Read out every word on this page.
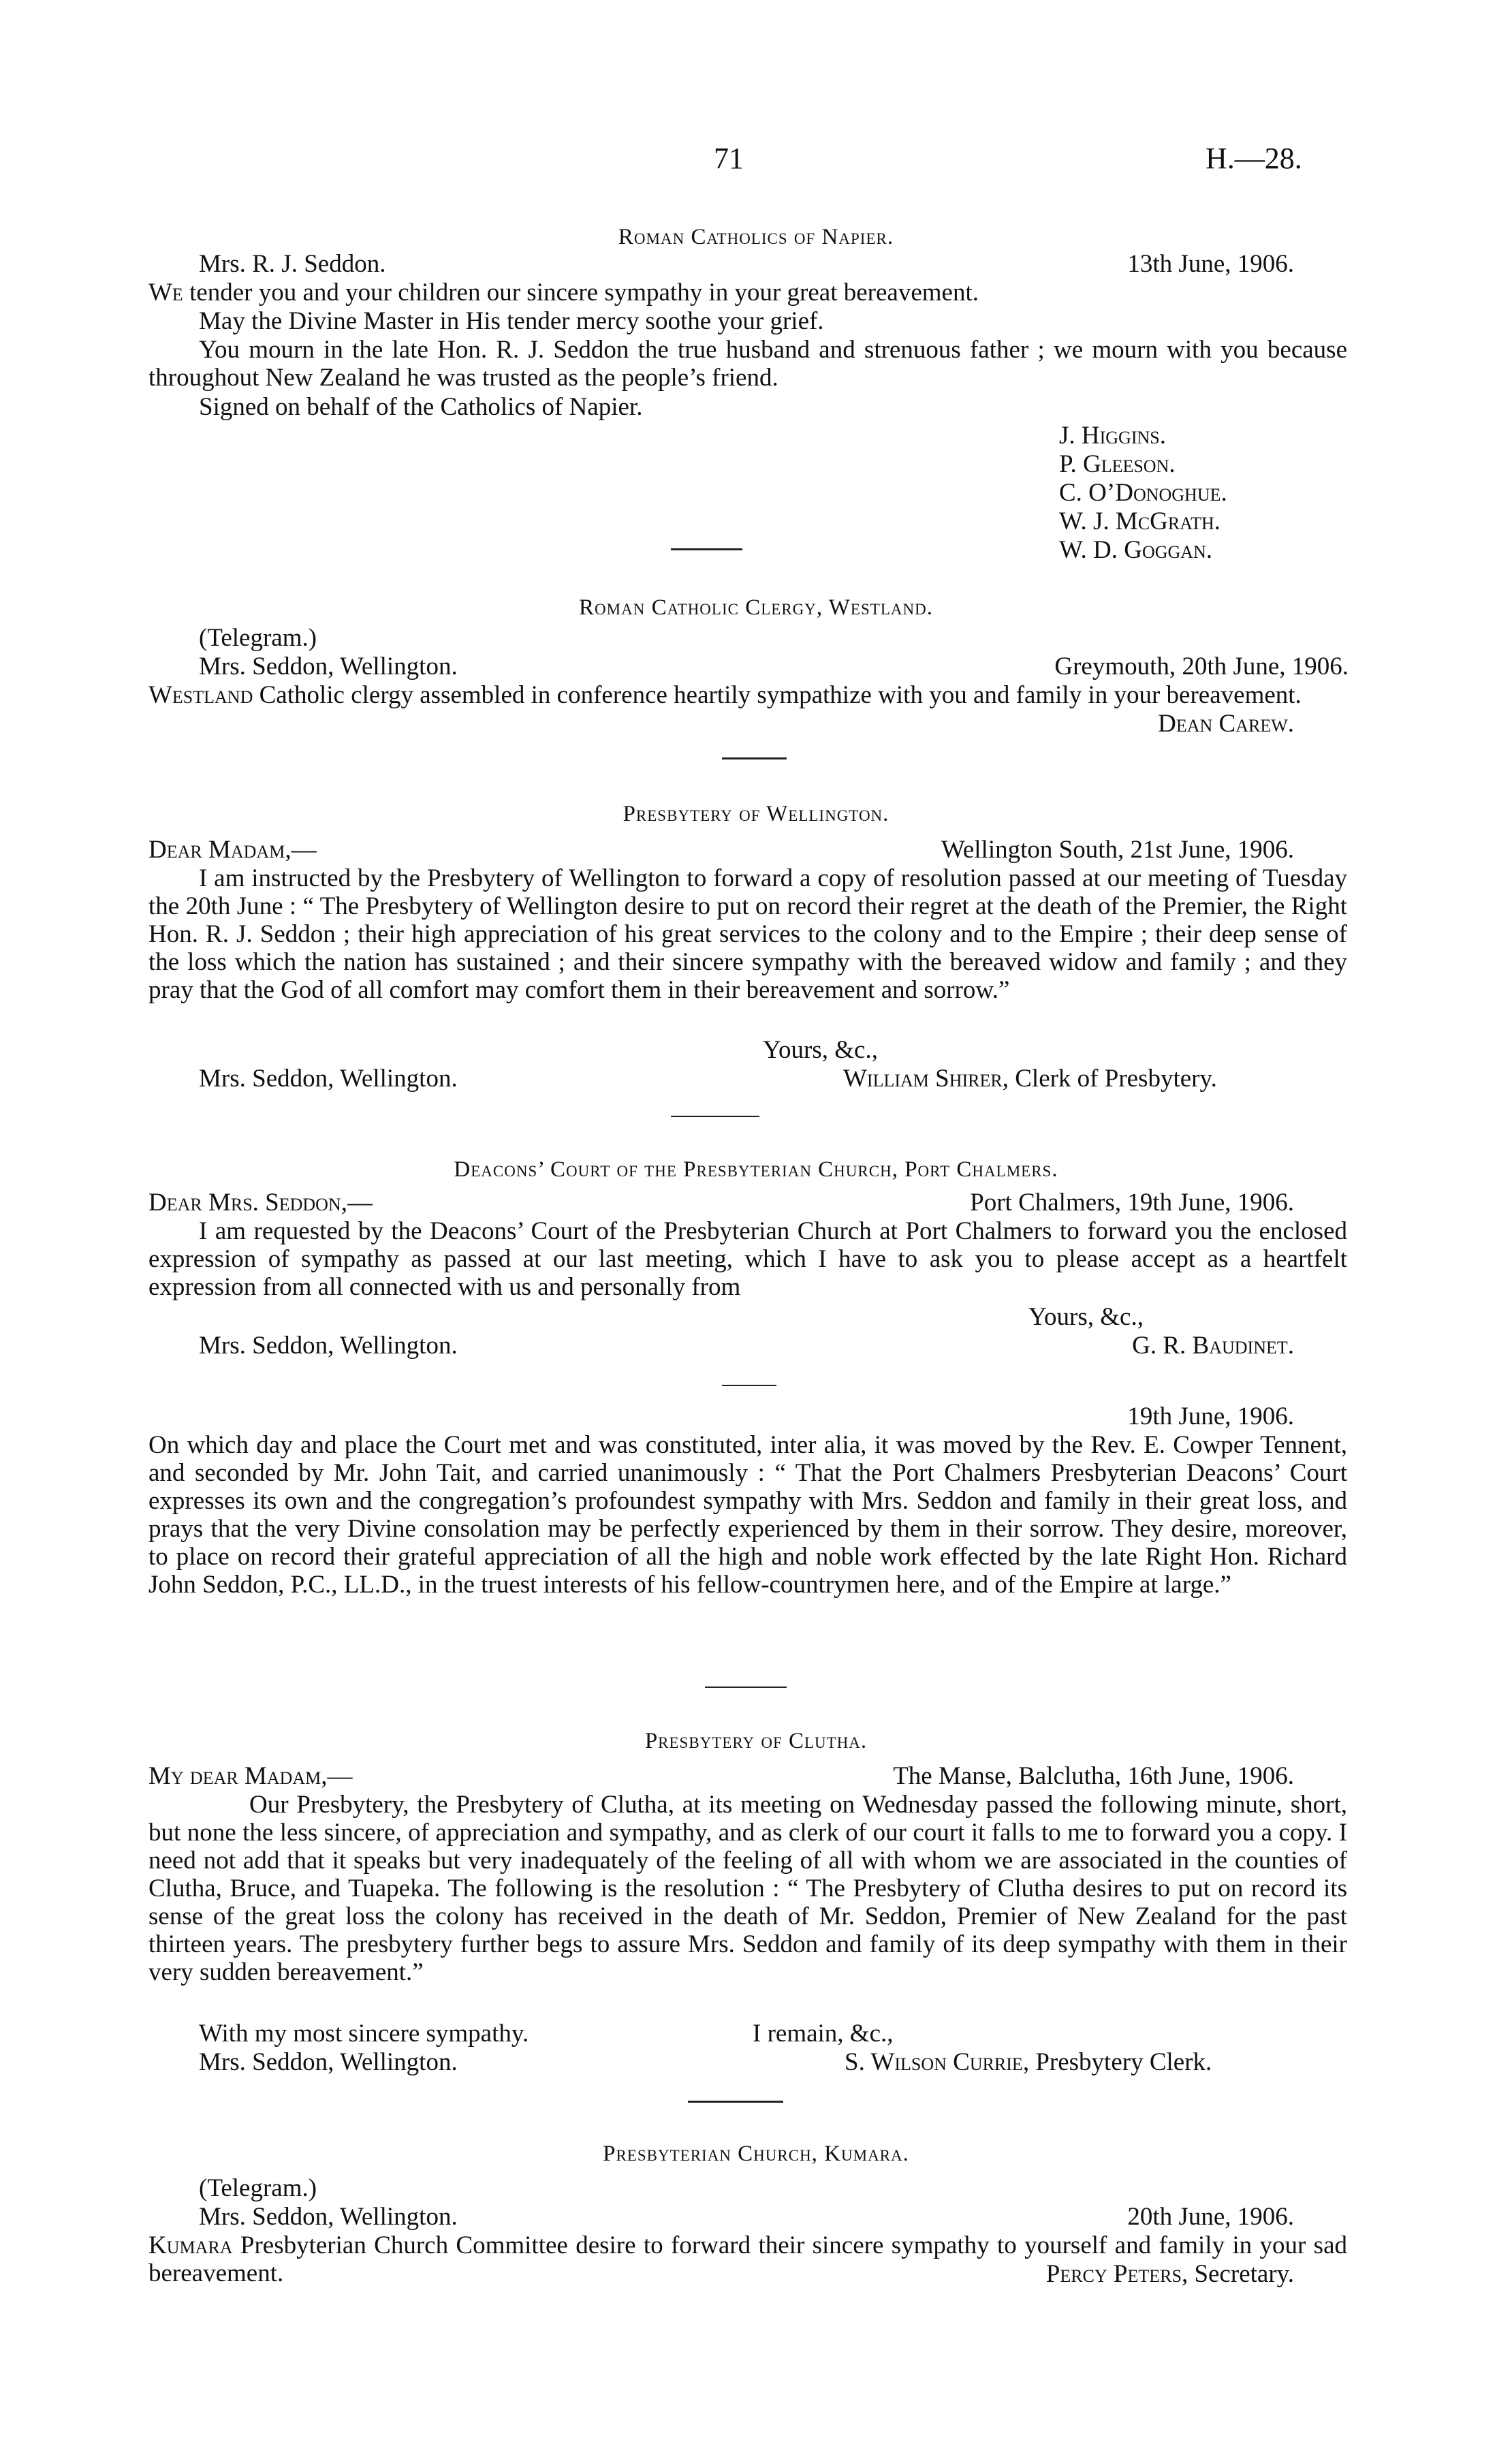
71	H.—28.
Roman Catholics of Napier.
Mrs. R. J. Seddon.	13th June, 1906.
We tender you and your children our sincere sympathy in your great bereavement.
May the Divine Master in His tender mercy soothe your grief.
You mourn in the late Hon. R. J. Seddon the true husband and strenuous father ; we mourn with you because throughout New Zealand he was trusted as the people’s friend.
Signed on behalf of the Catholics of Napier.
J. Higgins.
P. Gleeson.
C. O’Donoghue.
W. J. McGrath.
W. D. Goggan.
Roman Catholic Clergy, Westland.
(Telegram.)
Mrs. Seddon, Wellington.	Greymouth, 20th June, 1906.
Westland Catholic clergy assembled in conference heartily sympathize with you and family in your bereavement.
Dean Carew.
Presbytery of Wellington.
Dear Madam,—	Wellington South, 21st June, 1906.
I am instructed by the Presbytery of Wellington to forward a copy of resolution passed at our meeting of Tuesday the 20th June : “ The Presbytery of Wellington desire to put on record their regret at the death of the Premier, the Right Hon. R. J. Seddon ; their high appreciation of his great services to the colony and to the Empire ; their deep sense of the loss which the nation has sustained ; and their sincere sympathy with the bereaved widow and family ; and they pray that the God of all comfort may comfort them in their bereavement and sorrow.”
Yours, &c.,
Mrs. Seddon, Wellington.	William Shirer, Clerk of Presbytery.
Deacons’ Court of the Presbyterian Church, Port Chalmers.
Dear Mrs. Seddon,—	Port Chalmers, 19th June, 1906.
I am requested by the Deacons’ Court of the Presbyterian Church at Port Chalmers to forward you the enclosed expression of sympathy as passed at our last meeting, which I have to ask you to please accept as a heartfelt expression from all connected with us and personally from
Yours, &c.,
Mrs. Seddon, Wellington.	G. R. Baudinet.
19th June, 1906.
On which day and place the Court met and was constituted, inter alia, it was moved by the Rev. E. Cowper Tennent, and seconded by Mr. John Tait, and carried unanimously : “ That the Port Chalmers Presbyterian Deacons’ Court expresses its own and the congregation’s profoundest sympathy with Mrs. Seddon and family in their great loss, and prays that the very Divine consolation may be perfectly experienced by them in their sorrow. They desire, moreover, to place on record their grateful appreciation of all the high and noble work effected by the late Right Hon. Richard John Seddon, P.C., LL.D., in the truest interests of his fellow-countrymen here, and of the Empire at large.”
Presbytery of Clutha.
My dear Madam,—	The Manse, Balclutha, 16th June, 1906.
Our Presbytery, the Presbytery of Clutha, at its meeting on Wednesday passed the following minute, short, but none the less sincere, of appreciation and sympathy, and as clerk of our court it falls to me to forward you a copy. I need not add that it speaks but very inadequately of the feeling of all with whom we are associated in the counties of Clutha, Bruce, and Tuapeka. The following is the resolution : “ The Presbytery of Clutha desires to put on record its sense of the great loss the colony has received in the death of Mr. Seddon, Premier of New Zealand for the past thirteen years. The presbytery further begs to assure Mrs. Seddon and family of its deep sympathy with them in their very sudden bereavement.”
With my most sincere sympathy.	I remain, &c.,
Mrs. Seddon, Wellington.	S. Wilson Currie, Presbytery Clerk.
Presbyterian Church, Kumara.
(Telegram.)
Mrs. Seddon, Wellington.	20th June, 1906.
Kumara Presbyterian Church Committee desire to forward their sincere sympathy to yourself and family in your sad bereavement.	Percy Peters, Secretary.
